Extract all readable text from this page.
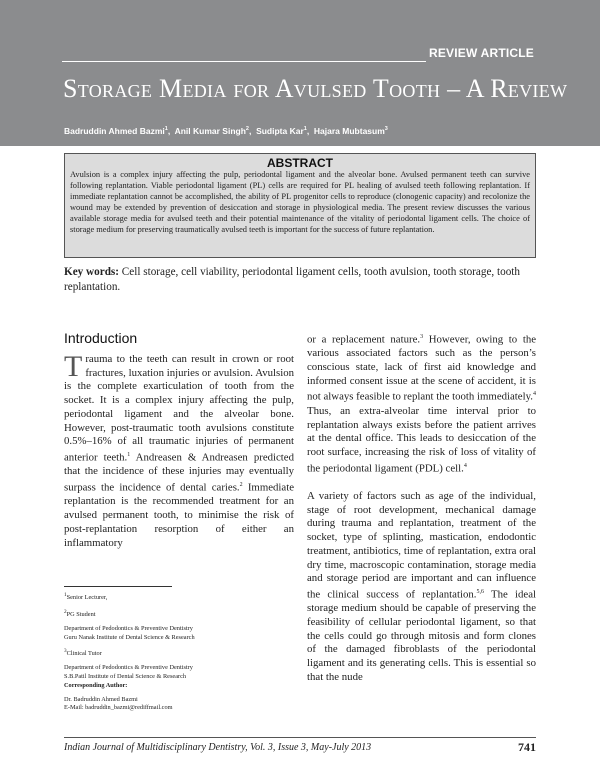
REVIEW ARTICLE
Storage Media for Avulsed Tooth – A Review
Badruddin Ahmed Bazmi$^1$,  Anil Kumar Singh$^2$,  Sudipta Kar$^1$,  Hajara Mubtasum$^3$
ABSTRACT
Avulsion is a complex injury affecting the pulp, periodontal ligament and the alveolar bone. Avulsed permanent teeth can survive following replantation. Viable periodontal ligament (PL) cells are required for PL healing of avulsed teeth following replantation. If immediate replantation cannot be accomplished, the ability of PL progenitor cells to reproduce (clonogenic capacity) and recolonize the wound may be extended by prevention of desiccation and storage in physiological media. The present review discusses the various available storage media for avulsed teeth and their potential maintenance of the vitality of periodontal ligament cells. The choice of storage medium for preserving traumatically avulsed teeth is important for the success of future replantation.
Key words: Cell storage, cell viability, periodontal ligament cells, tooth avulsion, tooth storage, tooth replantation.
Introduction

Trauma to the teeth can result in crown or root fractures, luxation injuries or avulsion. Avulsion is the complete exarticulation of tooth from the socket. It is a complex injury affecting the pulp, periodontal ligament and the alveolar bone. However, post-traumatic tooth avulsions constitute 0.5%–16% of all traumatic injuries of permanent anterior teeth.$^1$ Andreasen & Andreasen predicted that the incidence of these injuries may eventually surpass the incidence of dental caries.$^2$ Immediate replantation is the recommended treatment for an avulsed permanent tooth, to minimise the risk of post-replantation resorption of either an inflammatory

or a replacement nature.$^3$ However, owing to the various associated factors such as the person’s conscious state, lack of first aid knowledge and informed consent issue at the scene of accident, it is not always feasible to replant the tooth immediately.$^4$ Thus, an extra-alveolar time interval prior to replantation always exists before the patient arrives at the dental office. This leads to desiccation of the root surface, increasing the risk of loss of vitality of the periodontal ligament (PDL) cell.$^4$

A variety of factors such as age of the individual, stage of root development, mechanical damage during trauma and replantation, treatment of the socket, type of splinting, mastication, endodontic treatment, antibiotics, time of replantation, extra oral dry time, macroscopic contamination, storage media and storage period are important and can influence the clinical success of replantation.$^{5,6}$ The ideal storage medium should be capable of preserving the feasibility of cellular periodontal ligament, so that the cells could go through mitosis and form clones of the damaged fibroblasts of the periodontal ligament and its generating cells. This is essential so that the nude

$^1$Senior Lecturer,
$^2$PG Student
Department of Pedodontics & Preventive Dentistry
Guru Nanak Institute of Dental Science & Research
$^3$Clinical Tutor
Department of Pedodontics & Preventive Dentistry
S.B.Patil Institute of Dental Science & Research
Corresponding Author:
Dr. Badruddin Ahmed Bazmi
E-Mail: badruddin_bazmi@rediffmail.com
Indian Journal of Multidisciplinary Dentistry, Vol. 3, Issue 3, May-July 2013	741
